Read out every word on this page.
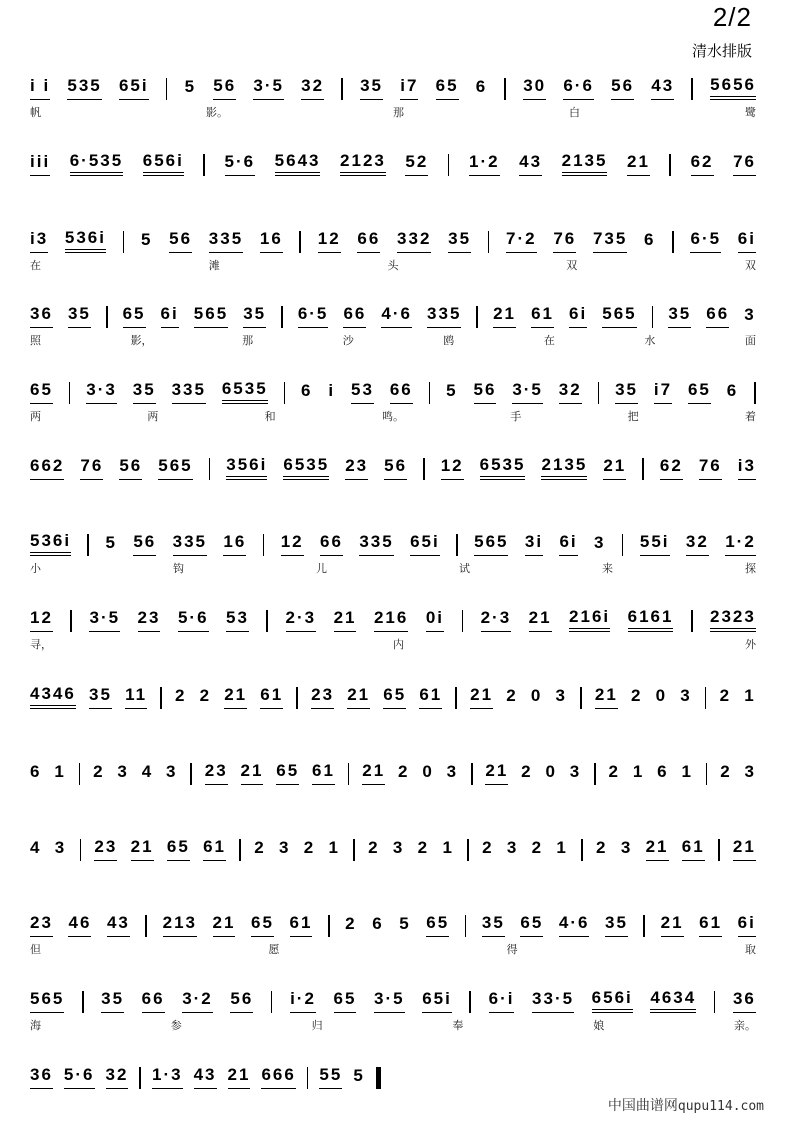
2/2
清水排版
i i 535 65i 5 56 3·5 32 35 i7 65 6 30 6·6 56 43 5656
帆	影。	那	白	鹭
iii 6·535 656i 5·6 5643 2123 52 1·2 43 2135 21 62 76
i3 536i 5 56 335 16 12 66 332 35 7·2 76 735 6 6·5 6i
在	滩	头	双	双
36 35 65 6i 565 35 6·5 66 4·6 335 21 61 6i 565 35 66 3
照	影，	那	沙	鸥	在	水	面
65 3·3 35 335 6535 6 i 53 66 5 56 3·5 32 35 i7 65 6
两	两	和	鸣。	手	把	着
662 76 56 565 356i 6535 23 56 12 6535 2135 21 62 76 i3
536i 5 56 335 16 12 66 335 65i 565 3i 6i 3 55i 32 1·2
小	钩	儿	试	来	探
12 3·5 23 5·6 53 2·3 21 216 0i 2·3 21 216i 6161 2323
寻，	内	外
4346 35 11 2 2 21 61 23 21 65 61 21 2 0 3 21 2 0 3 2 1
6 1 2 3 4 3 23 21 65 61 21 2 0 3 21 2 0 3 2 1 6 1 2 3
4 3 23 21 65 61 2 3 2 1 2 3 2 1 2 3 2 1 2 3 21 61 21
23 46 43 213 21 65 61 2 6 5 65 35 65 4·6 35 21 61 6i
但	愿	得	取
565 35 66 3·2 56 i·2 65 3·5 65i 6·i 33·5 656i 4634 36
海	参	归	奉	娘	亲。
36 5·6 32 1·3 43 21 666 55 5
中国曲谱网qupu114.com
